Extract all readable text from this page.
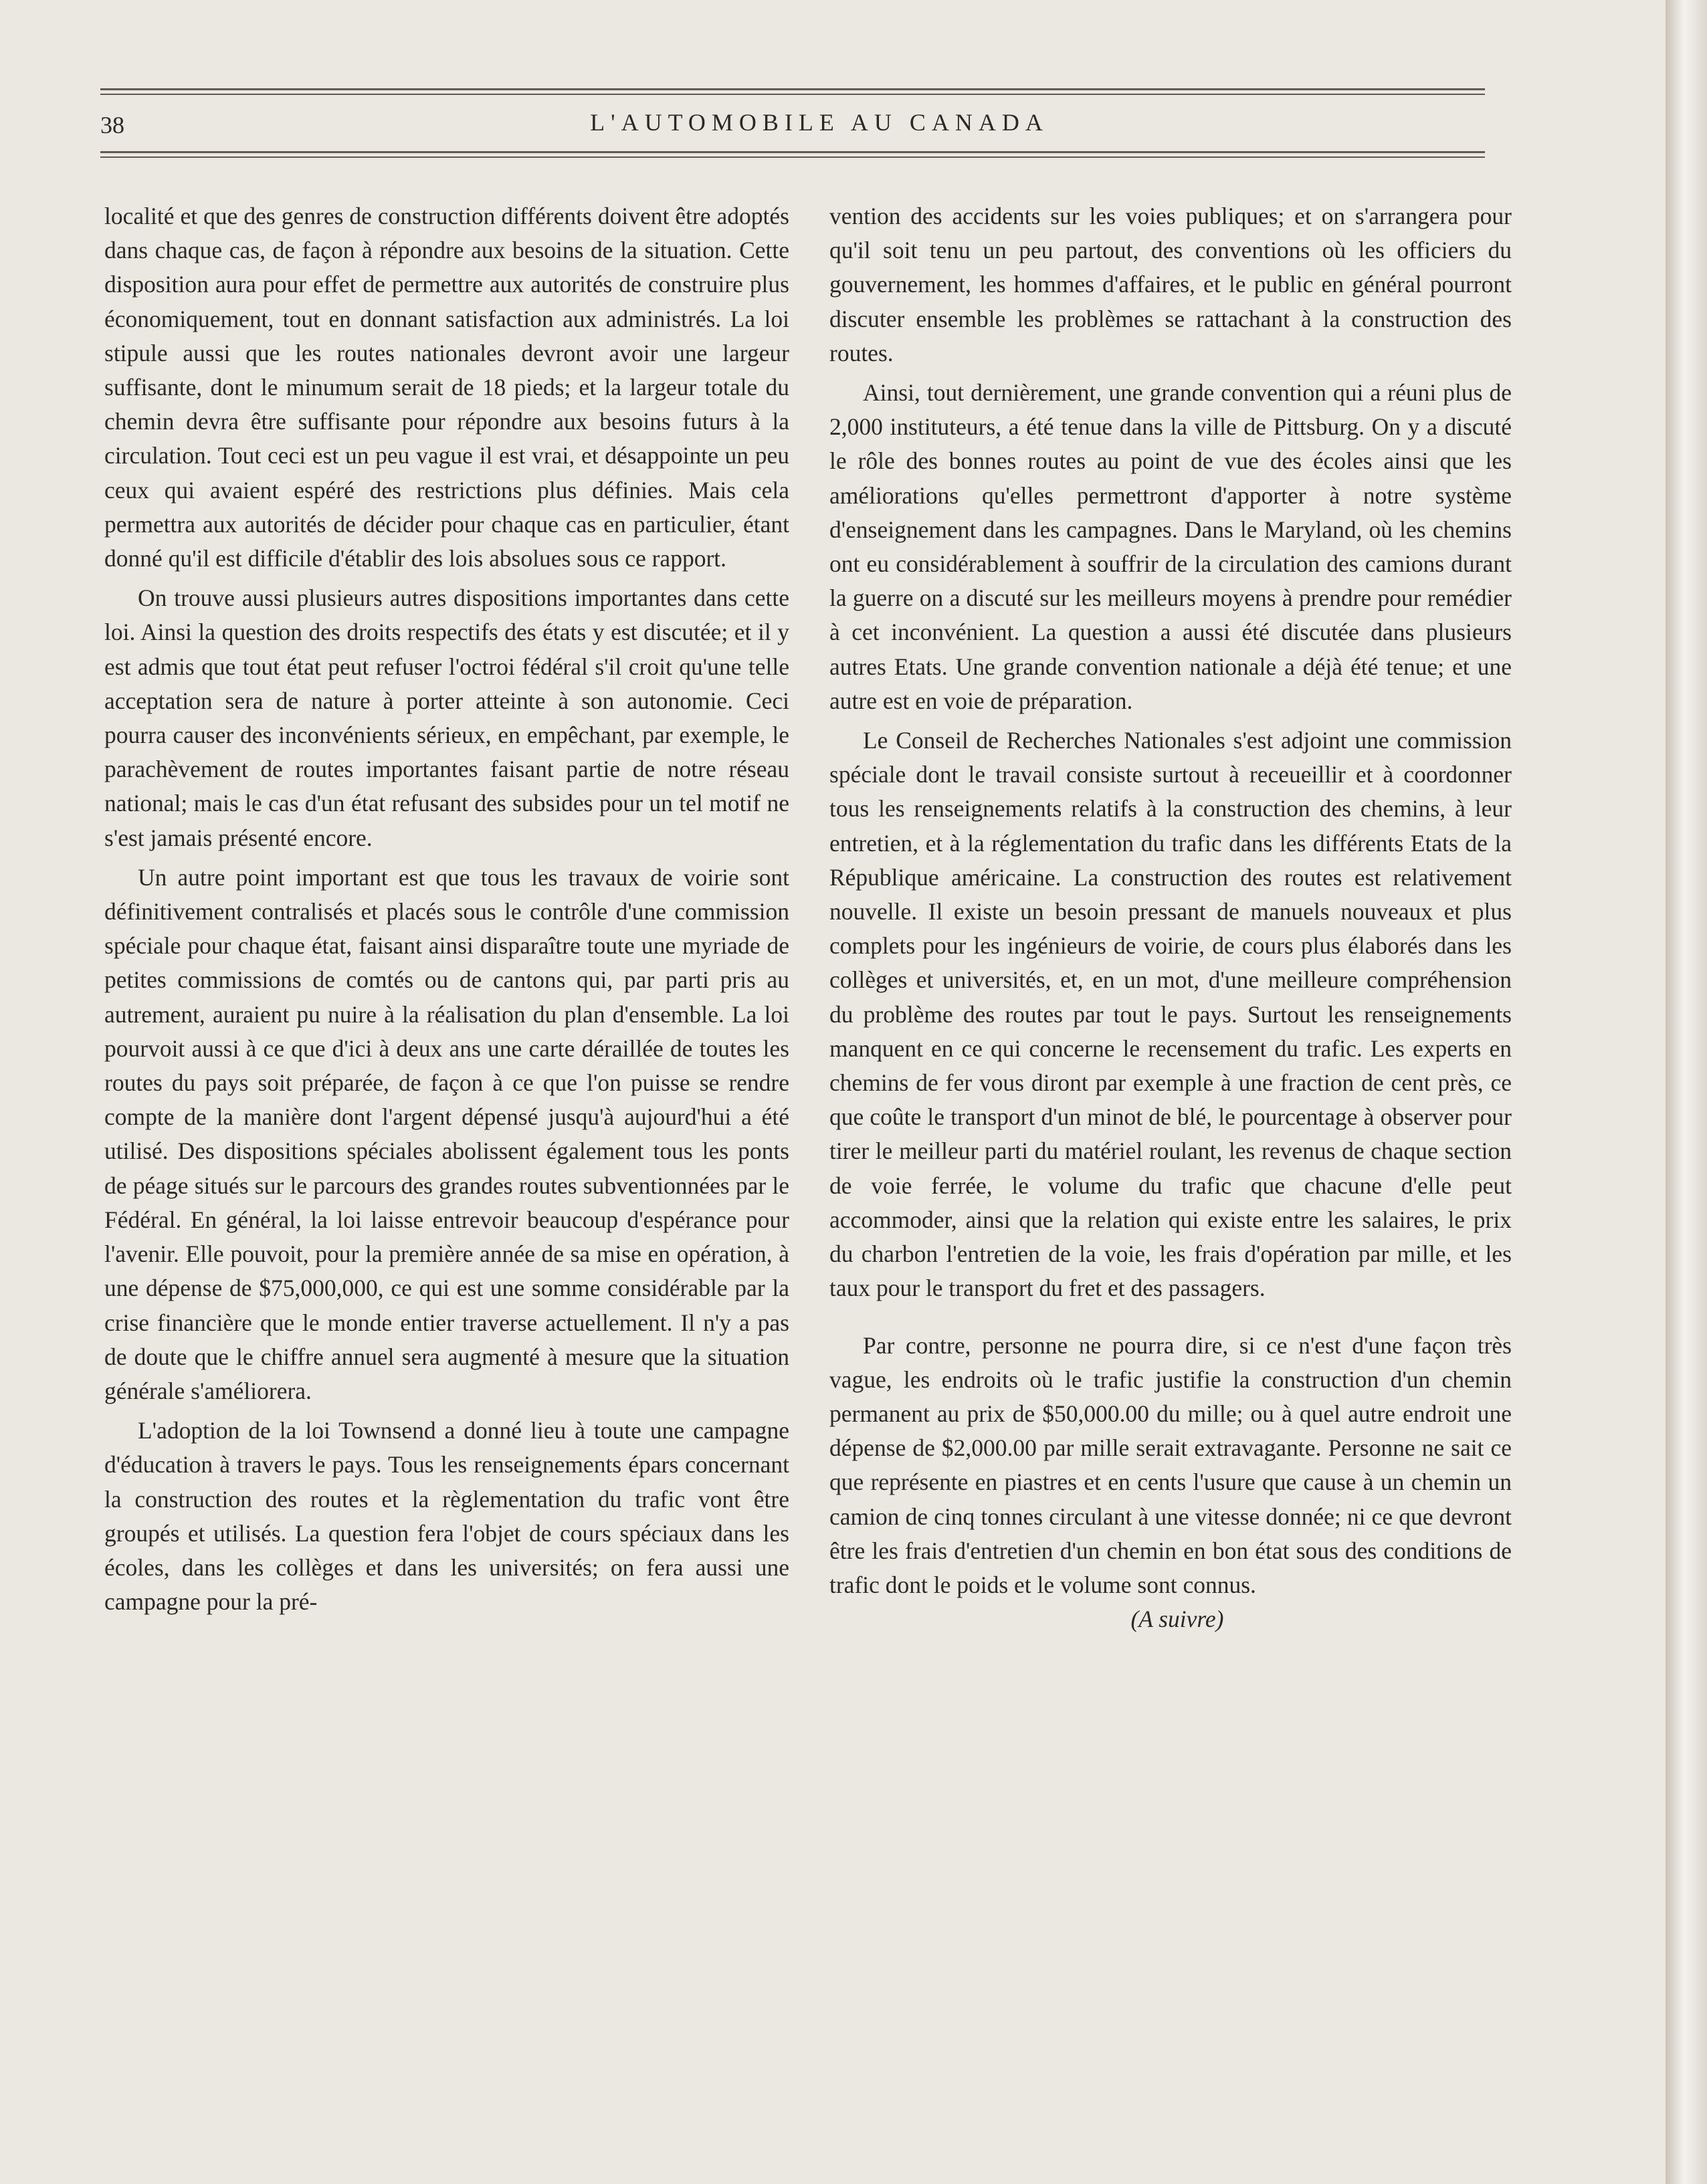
38	L'AUTOMOBILE AU CANADA

localité et que des genres de construction différents doivent être adoptés dans chaque cas, de façon à répondre aux besoins de la situation. Cette disposition aura pour effet de permettre aux autorités de construire plus économiquement, tout en donnant satisfaction aux administrés. La loi stipule aussi que les routes nationales devront avoir une largeur suffisante, dont le minumum serait de 18 pieds; et la largeur totale du chemin devra être suffisante pour répondre aux besoins futurs à la circulation. Tout ceci est un peu vague il est vrai, et désappointe un peu ceux qui avaient espéré des restrictions plus définies. Mais cela permettra aux autorités de décider pour chaque cas en particulier, étant donné qu'il est difficile d'établir des lois absolues sous ce rapport.

On trouve aussi plusieurs autres dispositions importantes dans cette loi. Ainsi la question des droits respectifs des états y est discutée; et il y est admis que tout état peut refuser l'octroi fédéral s'il croit qu'une telle acceptation sera de nature à porter atteinte à son autonomie. Ceci pourra causer des inconvénients sérieux, en empêchant, par exemple, le parachèvement de routes importantes faisant partie de notre réseau national; mais le cas d'un état refusant des subsides pour un tel motif ne s'est jamais présenté encore.

Un autre point important est que tous les travaux de voirie sont définitivement contralisés et placés sous le contrôle d'une commission spéciale pour chaque état, faisant ainsi disparaître toute une myriade de petites commissions de comtés ou de cantons qui, par parti pris au autrement, auraient pu nuire à la réalisation du plan d'ensemble. La loi pourvoit aussi à ce que d'ici à deux ans une carte déraillée de toutes les routes du pays soit préparée, de façon à ce que l'on puisse se rendre compte de la manière dont l'argent dépensé jusqu'à aujourd'hui a été utilisé. Des dispositions spéciales abolissent également tous les ponts de péage situés sur le parcours des grandes routes subventionnées par le Fédéral. En général, la loi laisse entrevoir beaucoup d'espérance pour l'avenir. Elle pouvoit, pour la première année de sa mise en opération, à une dépense de $75,000,000, ce qui est une somme considérable par la crise financière que le monde entier traverse actuellement. Il n'y a pas de doute que le chiffre annuel sera augmenté à mesure que la situation générale s'améliorera.

L'adoption de la loi Townsend a donné lieu à toute une campagne d'éducation à travers le pays. Tous les renseignements épars concernant la construction des routes et la règlementation du trafic vont être groupés et utilisés. La question fera l'objet de cours spéciaux dans les écoles, dans les collèges et dans les universités; on fera aussi une campagne pour la pré-

vention des accidents sur les voies publiques; et on s'arrangera pour qu'il soit tenu un peu partout, des conventions où les officiers du gouvernement, les hommes d'affaires, et le public en général pourront discuter ensemble les problèmes se rattachant à la construction des routes.

Ainsi, tout dernièrement, une grande convention qui a réuni plus de 2,000 instituteurs, a été tenue dans la ville de Pittsburg. On y a discuté le rôle des bonnes routes au point de vue des écoles ainsi que les améliorations qu'elles permettront d'apporter à notre système d'enseignement dans les campagnes. Dans le Maryland, où les chemins ont eu considérablement à souffrir de la circulation des camions durant la guerre on a discuté sur les meilleurs moyens à prendre pour remédier à cet inconvénient. La question a aussi été discutée dans plusieurs autres Etats. Une grande convention nationale a déjà été tenue; et une autre est en voie de préparation.

Le Conseil de Recherches Nationales s'est adjoint une commission spéciale dont le travail consiste surtout à receueillir et à coordonner tous les renseignements relatifs à la construction des chemins, à leur entretien, et à la réglementation du trafic dans les différents Etats de la République américaine. La construction des routes est relativement nouvelle. Il existe un besoin pressant de manuels nouveaux et plus complets pour les ingénieurs de voirie, de cours plus élaborés dans les collèges et universités, et, en un mot, d'une meilleure compréhension du problème des routes par tout le pays. Surtout les renseignements manquent en ce qui concerne le recensement du trafic. Les experts en chemins de fer vous diront par exemple à une fraction de cent près, ce que coûte le transport d'un minot de blé, le pourcentage à observer pour tirer le meilleur parti du matériel roulant, les revenus de chaque section de voie ferrée, le volume du trafic que chacune d'elle peut accommoder, ainsi que la relation qui existe entre les salaires, le prix du charbon l'entretien de la voie, les frais d'opération par mille, et les taux pour le transport du fret et des passagers.

Par contre, personne ne pourra dire, si ce n'est d'une façon très vague, les endroits où le trafic justifie la construction d'un chemin permanent au prix de $50,000.00 du mille; ou à quel autre endroit une dépense de $2,000.00 par mille serait extravagante. Personne ne sait ce que représente en piastres et en cents l'usure que cause à un chemin un camion de cinq tonnes circulant à une vitesse donnée; ni ce que devront être les frais d'entretien d'un chemin en bon état sous des conditions de trafic dont le poids et le volume sont connus.

(A suivre)
